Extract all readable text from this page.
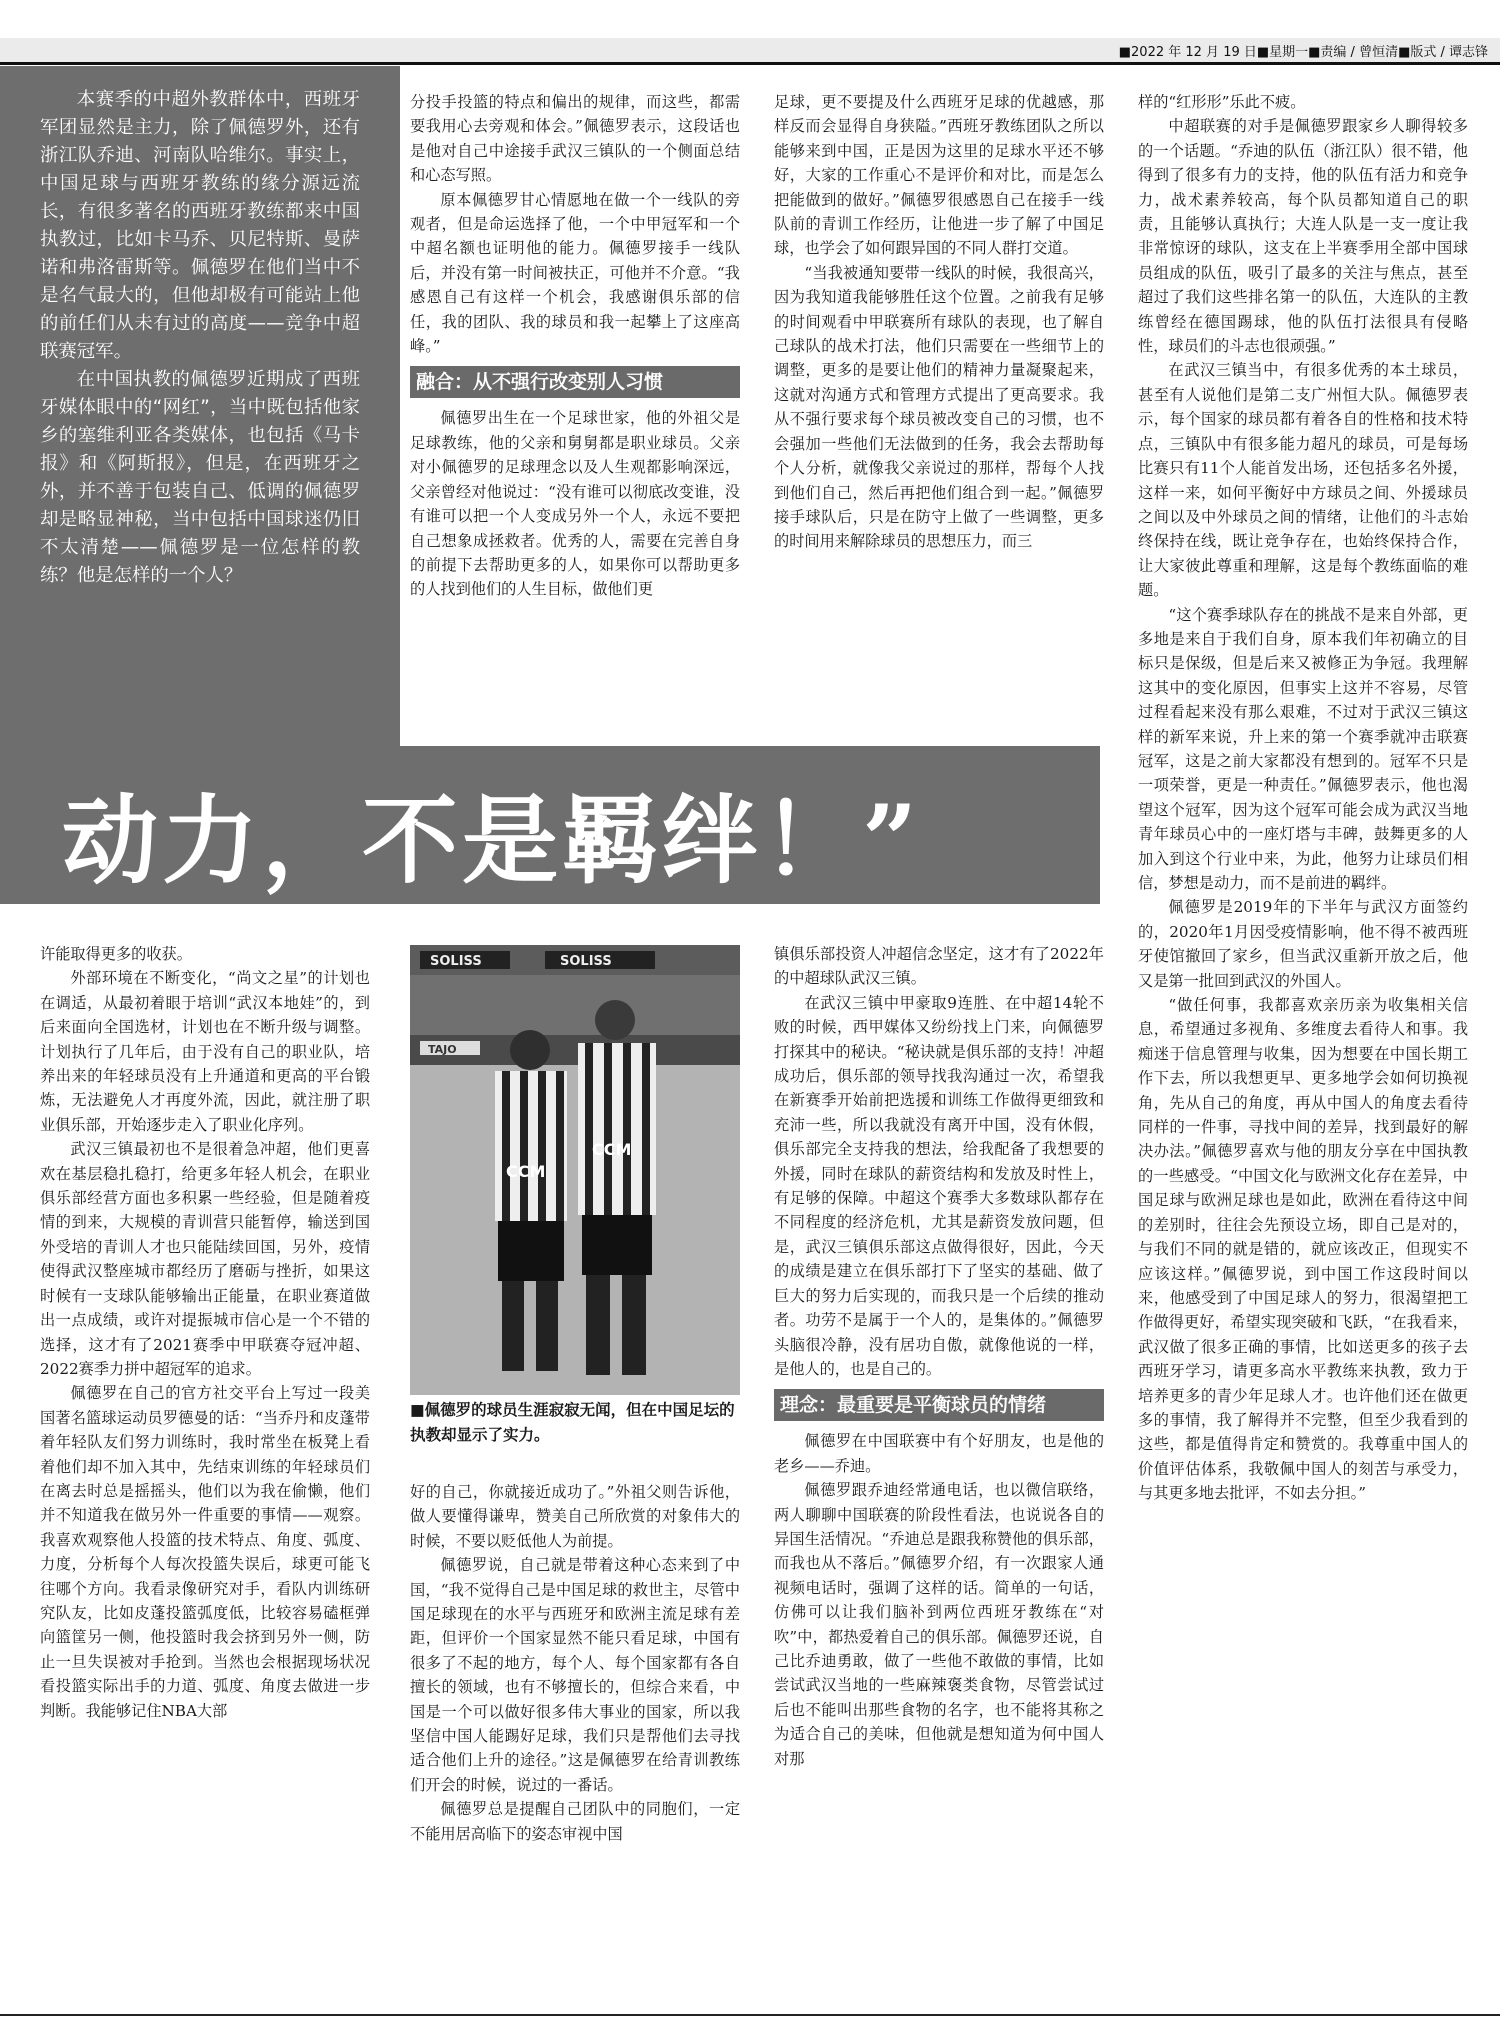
■2022 年 12 月 19 日■星期一■责编 / 曾恒清■版式 / 谭志锋

本赛季的中超外教群体中，西班牙军团显然是主力，除了佩德罗外，还有浙江队乔迪、河南队哈维尔。事实上，中国足球与西班牙教练的缘分源远流长，有很多著名的西班牙教练都来中国执教过，比如卡马乔、贝尼特斯、曼萨诺和弗洛雷斯等。佩德罗在他们当中不是名气最大的，但他却极有可能站上他的前任们从未有过的高度——竞争中超联赛冠军。

在中国执教的佩德罗近期成了西班牙媒体眼中的“网红”，当中既包括他家乡的塞维利亚各类媒体，也包括《马卡报》和《阿斯报》，但是，在西班牙之外，并不善于包装自己、低调的佩德罗却是略显神秘，当中包括中国球迷仍旧不太清楚——佩德罗是一位怎样的教练？他是怎样的一个人？

动力，不是羁绊！”

分投手投篮的特点和偏出的规律，而这些，都需要我用心去旁观和体会。”佩德罗表示，这段话也是他对自己中途接手武汉三镇队的一个侧面总结和心态写照。

原本佩德罗甘心情愿地在做一个一线队的旁观者，但是命运选择了他，一个中甲冠军和一个中超名额也证明他的能力。佩德罗接手一线队后，并没有第一时间被扶正，可他并不介意。“我感恩自己有这样一个机会，我感谢俱乐部的信任，我的团队、我的球员和我一起攀上了这座高峰。”

融合：从不强行改变别人习惯

佩德罗出生在一个足球世家，他的外祖父是足球教练，他的父亲和舅舅都是职业球员。父亲对小佩德罗的足球理念以及人生观都影响深远，父亲曾经对他说过：“没有谁可以彻底改变谁，没有谁可以把一个人变成另外一个人，永远不要把自己想象成拯救者。优秀的人，需要在完善自身的前提下去帮助更多的人，如果你可以帮助更多的人找到他们的人生目标，做他们更

足球，更不要提及什么西班牙足球的优越感，那样反而会显得自身狭隘。”西班牙教练团队之所以能够来到中国，正是因为这里的足球水平还不够好，大家的工作重心不是评价和对比，而是怎么把能做到的做好。”佩德罗很感恩自己在接手一线队前的青训工作经历，让他进一步了解了中国足球，也学会了如何跟异国的不同人群打交道。

“当我被通知要带一线队的时候，我很高兴，因为我知道我能够胜任这个位置。之前我有足够的时间观看中甲联赛所有球队的表现，也了解自己球队的战术打法，他们只需要在一些细节上的调整，更多的是要让他们的精神力量凝聚起来，这就对沟通方式和管理方式提出了更高要求。我从不强行要求每个球员被改变自己的习惯，也不会强加一些他们无法做到的任务，我会去帮助每个人分析，就像我父亲说过的那样，帮每个人找到他们自己，然后再把他们组合到一起。”佩德罗接手球队后，只是在防守上做了一些调整，更多的时间用来解除球员的思想压力，而三

样的“红形形”乐此不疲。

中超联赛的对手是佩德罗跟家乡人聊得较多的一个话题。“乔迪的队伍（浙江队）很不错，他得到了很多有力的支持，他的队伍有活力和竞争力，战术素养较高，每个队员都知道自己的职责，且能够认真执行；大连人队是一支一度让我非常惊讶的球队，这支在上半赛季用全部中国球员组成的队伍，吸引了最多的关注与焦点，甚至超过了我们这些排名第一的队伍，大连队的主教练曾经在德国踢球，他的队伍打法很具有侵略性，球员们的斗志也很顽强。”

在武汉三镇当中，有很多优秀的本土球员，甚至有人说他们是第二支广州恒大队。佩德罗表示，每个国家的球员都有着各自的性格和技术特点，三镇队中有很多能力超凡的球员，可是每场比赛只有11个人能首发出场，还包括多名外援，这样一来，如何平衡好中方球员之间、外援球员之间以及中外球员之间的情绪，让他们的斗志始终保持在线，既让竞争存在，也始终保持合作，让大家彼此尊重和理解，这是每个教练面临的难题。

“这个赛季球队存在的挑战不是来自外部，更多地是来自于我们自身，原本我们年初确立的目标只是保级，但是后来又被修正为争冠。我理解这其中的变化原因，但事实上这并不容易，尽管过程看起来没有那么艰难，不过对于武汉三镇这样的新军来说，升上来的第一个赛季就冲击联赛冠军，这是之前大家都没有想到的。冠军不只是一项荣誉，更是一种责任。”佩德罗表示，他也渴望这个冠军，因为这个冠军可能会成为武汉当地青年球员心中的一座灯塔与丰碑，鼓舞更多的人加入到这个行业中来，为此，他努力让球员们相信，梦想是动力，而不是前进的羁绊。

佩德罗是2019年的下半年与武汉方面签约的，2020年1月因受疫情影响，他不得不被西班牙使馆撤回了家乡，但当武汉重新开放之后，他又是第一批回到武汉的外国人。

“做任何事，我都喜欢亲历亲为收集相关信息，希望通过多视角、多维度去看待人和事。我痴迷于信息管理与收集，因为想要在中国长期工作下去，所以我想更早、更多地学会如何切换视角，先从自己的角度，再从中国人的角度去看待同样的一件事，寻找中间的差异，找到最好的解决办法。”佩德罗喜欢与他的朋友分享在中国执教的一些感受。“中国文化与欧洲文化存在差异，中国足球与欧洲足球也是如此，欧洲在看待这中间的差别时，往往会先预设立场，即自己是对的，与我们不同的就是错的，就应该改正，但现实不应该这样。”佩德罗说，到中国工作这段时间以来，他感受到了中国足球人的努力，很渴望把工作做得更好，希望实现突破和飞跃，“在我看来，武汉做了很多正确的事情，比如送更多的孩子去西班牙学习，请更多高水平教练来执教，致力于培养更多的青少年足球人才。也许他们还在做更多的事情，我了解得并不完整，但至少我看到的这些，都是值得肯定和赞赏的。我尊重中国人的价值评估体系，我敬佩中国人的刻苦与承受力，与其更多地去批评，不如去分担。”

许能取得更多的收获。

外部环境在不断变化，“尚文之星”的计划也在调适，从最初着眼于培训“武汉本地娃”的，到后来面向全国选材，计划也在不断升级与调整。计划执行了几年后，由于没有自己的职业队，培养出来的年轻球员没有上升通道和更高的平台锻炼，无法避免人才再度外流，因此，就注册了职业俱乐部，开始逐步走入了职业化序列。

武汉三镇最初也不是很着急冲超，他们更喜欢在基层稳扎稳打，给更多年轻人机会，在职业俱乐部经营方面也多积累一些经验，但是随着疫情的到来，大规模的青训营只能暂停，输送到国外受培的青训人才也只能陆续回国，另外，疫情使得武汉整座城市都经历了磨砺与挫折，如果这时候有一支球队能够输出正能量，在职业赛道做出一点成绩，或许对提振城市信心是一个不错的选择，这才有了2021赛季中甲联赛夺冠冲超、2022赛季力拼中超冠军的追求。

佩德罗在自己的官方社交平台上写过一段美国著名篮球运动员罗德曼的话：“当乔丹和皮蓬带着年轻队友们努力训练时，我时常坐在板凳上看着他们却不加入其中，先结束训练的年轻球员们在离去时总是摇摇头，他们以为我在偷懒，他们并不知道我在做另外一件重要的事情——观察。我喜欢观察他人投篮的技术特点、角度、弧度、力度，分析每个人每次投篮失误后，球更可能飞往哪个方向。我看录像研究对手，看队内训练研究队友，比如皮蓬投篮弧度低，比较容易磕框弹向篮筐另一侧，他投篮时我会挤到另外一侧，防止一旦失误被对手抢到。当然也会根据现场状况看投篮实际出手的力道、弧度、角度去做进一步判断。我能够记住NBA大部

SOLISS	SOLISS
TAJO
CCM
CCM
■佩德罗的球员生涯寂寂无闻，但在中国足坛的执教却显示了实力。

好的自己，你就接近成功了。”外祖父则告诉他，做人要懂得谦卑，赞美自己所欣赏的对象伟大的时候，不要以贬低他人为前提。

佩德罗说，自己就是带着这种心态来到了中国，“我不觉得自己是中国足球的救世主，尽管中国足球现在的水平与西班牙和欧洲主流足球有差距，但评价一个国家显然不能只看足球，中国有很多了不起的地方，每个人、每个国家都有各自擅长的领域，也有不够擅长的，但综合来看，中国是一个可以做好很多伟大事业的国家，所以我坚信中国人能踢好足球，我们只是帮他们去寻找适合他们上升的途径。”这是佩德罗在给青训教练们开会的时候，说过的一番话。

佩德罗总是提醒自己团队中的同胞们，一定不能用居高临下的姿态审视中国

镇俱乐部投资人冲超信念坚定，这才有了2022年的中超球队武汉三镇。

在武汉三镇中甲豪取9连胜、在中超14轮不败的时候，西甲媒体又纷纷找上门来，向佩德罗打探其中的秘诀。“秘诀就是俱乐部的支持！冲超成功后，俱乐部的领导找我沟通过一次，希望我在新赛季开始前把选援和训练工作做得更细致和充沛一些，所以我就没有离开中国，没有休假，俱乐部完全支持我的想法，给我配备了我想要的外援，同时在球队的薪资结构和发放及时性上，有足够的保障。中超这个赛季大多数球队都存在不同程度的经济危机，尤其是薪资发放问题，但是，武汉三镇俱乐部这点做得很好，因此，今天的成绩是建立在俱乐部打下了坚实的基础、做了巨大的努力后实现的，而我只是一个后续的推动者。功劳不是属于一个人的，是集体的。”佩德罗头脑很冷静，没有居功自傲，就像他说的一样，是他人的，也是自己的。

理念：最重要是平衡球员的情绪

佩德罗在中国联赛中有个好朋友，也是他的老乡——乔迪。

佩德罗跟乔迪经常通电话，也以微信联络，两人聊聊中国联赛的阶段性看法，也说说各自的异国生活情况。“乔迪总是跟我称赞他的俱乐部，而我也从不落后。”佩德罗介绍，有一次跟家人通视频电话时，强调了这样的话。简单的一句话，仿佛可以让我们脑补到两位西班牙教练在“对吹”中，都热爱着自己的俱乐部。佩德罗还说，自己比乔迪勇敢，做了一些他不敢做的事情，比如尝试武汉当地的一些麻辣褒类食物，尽管尝试过后也不能叫出那些食物的名字，也不能将其称之为适合自己的美味，但他就是想知道为何中国人对那
